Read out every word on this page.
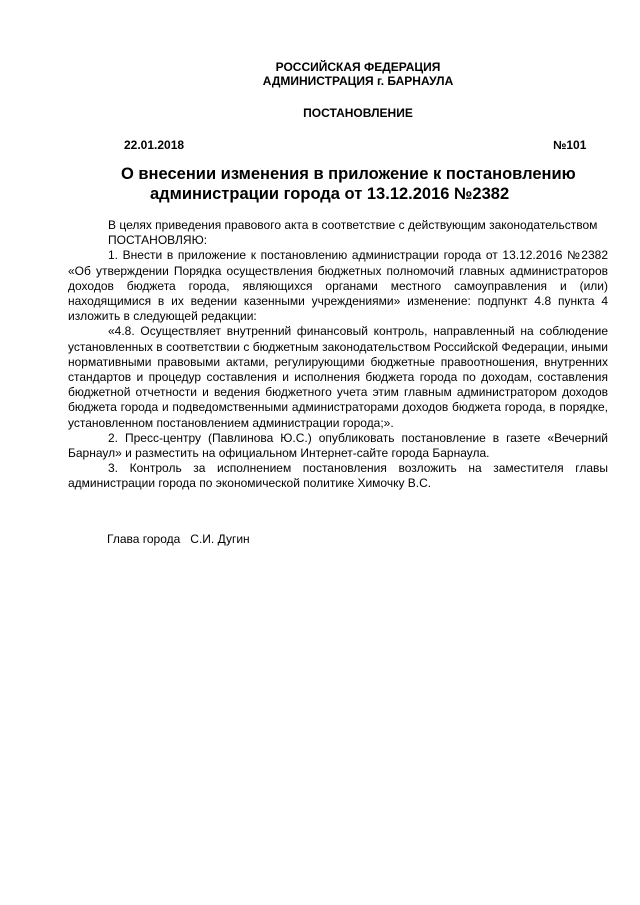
РОССИЙСКАЯ ФЕДЕРАЦИЯ
АДМИНИСТРАЦИЯ г. БАРНАУЛА
ПОСТАНОВЛЕНИЕ
22.01.2018	№101
О внесении изменения в приложение к постановлению
администрации города от 13.12.2016 №2382

В целях приведения правового акта в соответствие с действующим законодательством

ПОСТАНОВЛЯЮ:

1. Внести в приложение к постановлению администрации города от 13.12.2016 №2382 «Об утверждении Порядка осуществления бюджетных полномочий главных администраторов доходов бюджета города, являющихся органами местного самоуправления и (или) находящимися в их ведении казенными учреждениями» изменение: подпункт 4.8 пункта 4 изложить в следующей редакции:

«4.8. Осуществляет внутренний финансовый контроль, направленный на соблюдение установленных в соответствии с бюджетным законодательством Российской Федерации, иными нормативными правовыми актами, регулирующими бюджетные правоотношения, внутренних стандартов и процедур составления и исполнения бюджета города по доходам, составления бюджетной отчетности и ведения бюджетного учета этим главным администратором доходов бюджета города и подведомственными администраторами доходов бюджета города, в порядке, установленном постановлением администрации города;».

2. Пресс-центру (Павлинова Ю.С.) опубликовать постановление в газете «Вечерний Барнаул» и разместить на официальном Интернет-сайте города Барнаула.

3. Контроль за исполнением постановления возложить на заместителя главы администрации города по экономической политике Химочку В.С.

Глава города   С.И. Дугин
